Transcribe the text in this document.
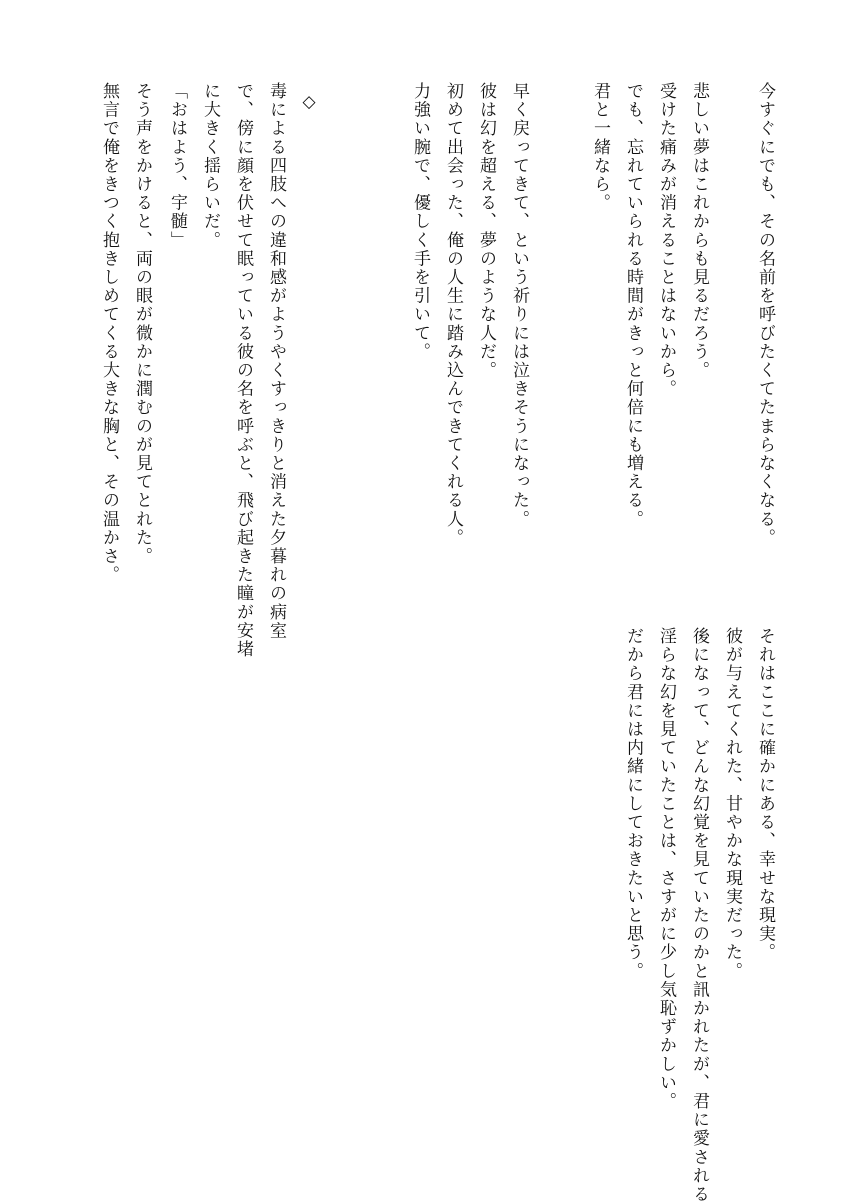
今すぐにでも、その名前を呼びたくてたまらなくなる。
悲しい夢はこれからも見るだろう。
受けた痛みが消えることはないから。
でも、忘れていられる時間がきっと何倍にも増える。
君と一緒なら。
早く戻ってきて、という祈りには泣きそうになった。
彼は幻を超える、夢のような人だ。
初めて出会った、俺の人生に踏み込んできてくれる人。
力強い腕で、優しく手を引いて。
◇
毒による四肢への違和感がようやくすっきりと消えた夕暮れの病室
で、傍に顔を伏せて眠っている彼の名を呼ぶと、飛び起きた瞳が安堵
に大きく揺らいだ。
「おはよう、宇髄」
そう声をかけると、両の眼が微かに潤むのが見てとれた。
無言で俺をきつく抱きしめてくる大きな胸と、その温かさ。
それはここに確かにある、幸せな現実。
彼が与えてくれた、甘やかな現実だった。
後になって、どんな幻覚を見ていたのかと訊かれたが、君に愛される
淫らな幻を見ていたことは、さすがに少し気恥ずかしい。
だから君には内緒にしておきたいと思う。
